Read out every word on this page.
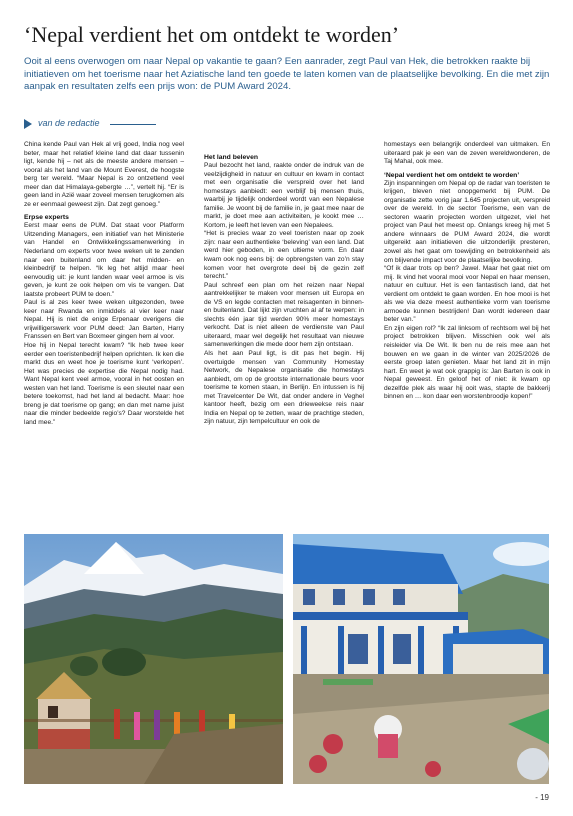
‘Nepal verdient het om ontdekt te worden’

Ooit al eens overwogen om naar Nepal op vakantie te gaan? Een aanrader, zegt Paul van Hek, die betrokken raakte bij initiatieven om het toerisme naar het Aziatische land ten goede te laten komen van de plaatselijke bevolking. En die met zijn aanpak en resultaten zelfs een prijs won: de PUM Award 2024.

van de redactie

China kende Paul van Hek al vrij goed, India nog veel beter, maar het relatief kleine land dat daar tussenin ligt, kende hij – net als de meeste andere mensen – vooral als het land van de Mount Everest, de hoogste berg ter wereld. “Maar Nepal is zo ontzettend veel meer dan dat Himalaya-gebergte …”, vertelt hij. “Er is geen land in Azië waar zoveel mensen terugkomen als ze er eenmaal geweest zijn. Dat zegt genoeg.”

Erpse experts

Eerst maar eens de PUM. Dat staat voor Platform Uitzending Managers, een initiatief van het Ministerie van Handel en Ontwikkelingssamenwerking in Nederland om experts voor twee weken uit te zenden naar een buitenland om daar het midden- en kleinbedrijf te helpen. “Ik leg het altijd maar heel eenvoudig uit: je kunt landen waar veel armoe is vis geven, je kunt ze ook helpen om vis te vangen. Dat laatste probeert PUM te doen.”

Paul is al zes keer twee weken uitgezonden, twee keer naar Rwanda en inmiddels al vier keer naar Nepal. Hij is niet de enige Erpenaar overigens die vrijwilligerswerk voor PUM deed: Jan Barten, Harry Franssen en Bert van Boxmeer gingen hem al voor.

Hoe hij in Nepal terecht kwam? “Ik heb twee keer eerder een toeristenbedrijf helpen oprichten. Ik ken die markt dus en weet hoe je toerisme kunt ‘verkopen’. Het was precies de expertise die Nepal nodig had. Want Nepal kent veel armoe, vooral in het oosten en westen van het land. Toerisme is een sleutel naar een betere toekomst, had het land al bedacht. Maar: hoe breng je dat toerisme op gang; en dan met name juist naar die minder bedeelde regio’s? Daar worstelde het land mee.”

Het land beleven

Paul bezocht het land, raakte onder de indruk van de veelzijdigheid in natuur en cultuur en kwam in contact met een organisatie die verspreid over het land homestays aanbiedt: een verblijf bij mensen thuis, waarbij je tijdelijk onderdeel wordt van een Nepalese familie. Je woont bij de familie in, je gaat mee naar de markt, je doet mee aan activiteiten, je kookt mee … Kortom, je leeft het leven van een Nepalees.

“Het is precies waar zo veel toeristen naar op zoek zijn: naar een authentieke ‘beleving’ van een land. Dat werd hier geboden, in een ultieme vorm. En daar kwam ook nog eens bij: de opbrengsten van zo’n stay komen voor het overgrote deel bij de gezin zelf terecht.”

Paul schreef een plan om het reizen naar Nepal aantrekkelijker te maken voor mensen uit Europa en de VS en legde contacten met reisagenten in binnen- en buitenland. Dat lijkt zijn vruchten al af te werpen: in slechts één jaar tijd werden 90% meer homestays verkocht. Dat is niet alleen de verdienste van Paul uiteraard, maar wel degelijk het resultaat van nieuwe samenwerkingen die mede door hem zijn ontstaan.

Als het aan Paul ligt, is dit pas het begin. Hij overtuigde mensen van Community Homestay Network, de Nepalese organisatie die homestays aanbiedt, om op de grootste internationale beurs voor toerisme te komen staan, in Berlijn. En intussen is hij met Travelcenter De Wit, dat onder andere in Veghel kantoor heeft, bezig om een drieweekse reis naar India en Nepal op te zetten, waar de prachtige steden, zijn natuur, zijn tempelcultuur en ook de

homestays een belangrijk onderdeel van uitmaken. En uiteraard pak je een van de zeven wereldwonderen, de Taj Mahal, ook mee.

‘Nepal verdient het om ontdekt te worden’

Zijn inspanningen om Nepal op de radar van toeristen te krijgen, bleven niet onopgemerkt bij PUM. De organisatie zette vorig jaar 1.645 projecten uit, verspreid over de wereld. In de sector Toerisme, een van de sectoren waarin projecten worden uitgezet, viel het project van Paul het meest op. Onlangs kreeg hij met 5 andere winnaars de PUM Award 2024, die wordt uitgereikt aan initiatieven die uitzonderlijk presteren, zowel als het gaat om toewijding en betrokkenheid als om blijvende impact voor de plaatselijke bevolking.

“Of ik daar trots op ben? Jawel. Maar het gaat niet om mij. Ik vind het vooral mooi voor Nepal en haar mensen, natuur en cultuur. Het is een fantastisch land, dat het verdient om ontdekt te gaan worden. En hoe mooi is het als we via deze meest authentieke vorm van toerisme armoede kunnen bestrijden! Dan wordt iedereen daar beter van.”

En zijn eigen rol? “Ik zal linksom of rechtsom wel bij het project betrokken blijven. Misschien ook wel als reisleider via De Wit. Ik ben nu de reis mee aan het bouwen en we gaan in de winter van 2025/2026 de eerste groep laten genieten. Maar het land zit in mijn hart. En weet je wat ook grappig is: Jan Barten is ook in Nepal geweest. En geloof het of niet: ik kwam op dezelfde plek als waar hij ooit was, stapte de bakkerij binnen en … kon daar een worstenbroodje kopen!”

- 19
